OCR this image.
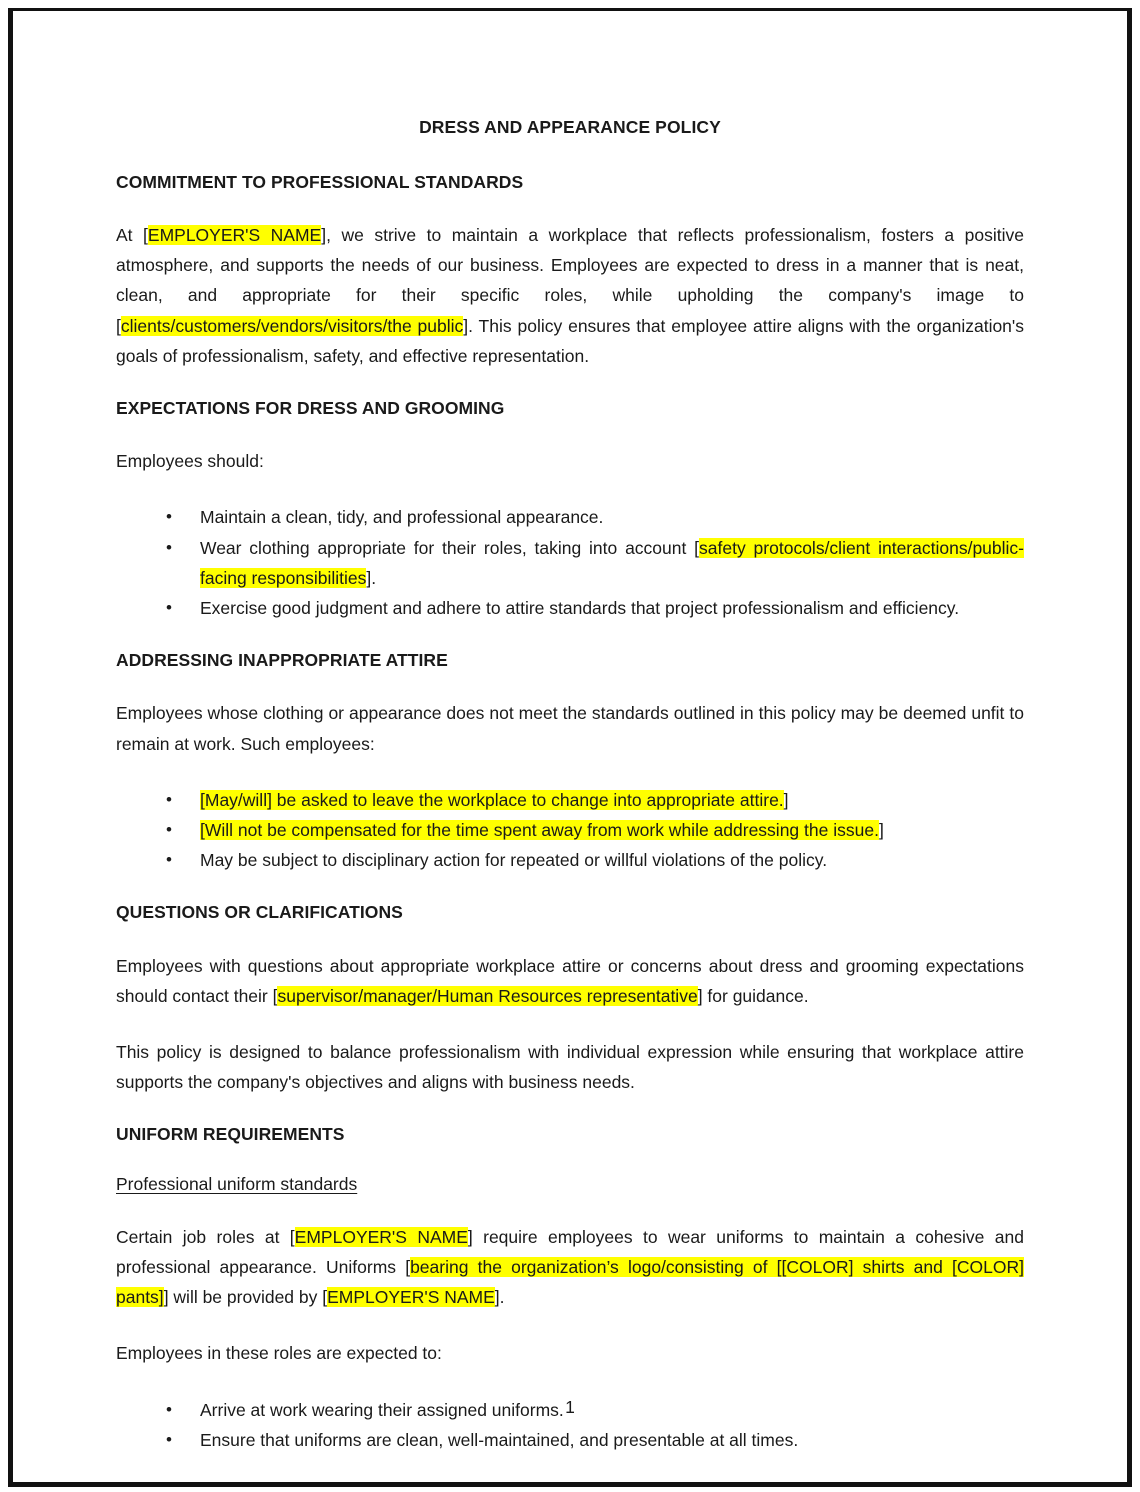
DRESS AND APPEARANCE POLICY
COMMITMENT TO PROFESSIONAL STANDARDS

At [EMPLOYER'S NAME], we strive to maintain a workplace that reflects professionalism, fosters a positive atmosphere, and supports the needs of our business. Employees are expected to dress in a manner that is neat, clean, and appropriate for their specific roles, while upholding the company's image to [clients/customers/vendors/visitors/the public]. This policy ensures that employee attire aligns with the organization's goals of professionalism, safety, and effective representation.

EXPECTATIONS FOR DRESS AND GROOMING

Employees should:

• Maintain a clean, tidy, and professional appearance.
• Wear clothing appropriate for their roles, taking into account [safety protocols/client interactions/public-facing responsibilities].
• Exercise good judgment and adhere to attire standards that project professionalism and efficiency.
ADDRESSING INAPPROPRIATE ATTIRE

Employees whose clothing or appearance does not meet the standards outlined in this policy may be deemed unfit to remain at work. Such employees:

• [May/will] be asked to leave the workplace to change into appropriate attire.]
• [Will not be compensated for the time spent away from work while addressing the issue.]
• May be subject to disciplinary action for repeated or willful violations of the policy.
QUESTIONS OR CLARIFICATIONS

Employees with questions about appropriate workplace attire or concerns about dress and grooming expectations should contact their [supervisor/manager/Human Resources representative] for guidance.

This policy is designed to balance professionalism with individual expression while ensuring that workplace attire supports the company's objectives and aligns with business needs.

UNIFORM REQUIREMENTS
Professional uniform standards

Certain job roles at [EMPLOYER'S NAME] require employees to wear uniforms to maintain a cohesive and professional appearance. Uniforms [bearing the organization’s logo/consisting of [[COLOR] shirts and [COLOR] pants]] will be provided by [EMPLOYER'S NAME].

Employees in these roles are expected to:

• Arrive at work wearing their assigned uniforms.
• Ensure that uniforms are clean, well-maintained, and presentable at all times.
1
